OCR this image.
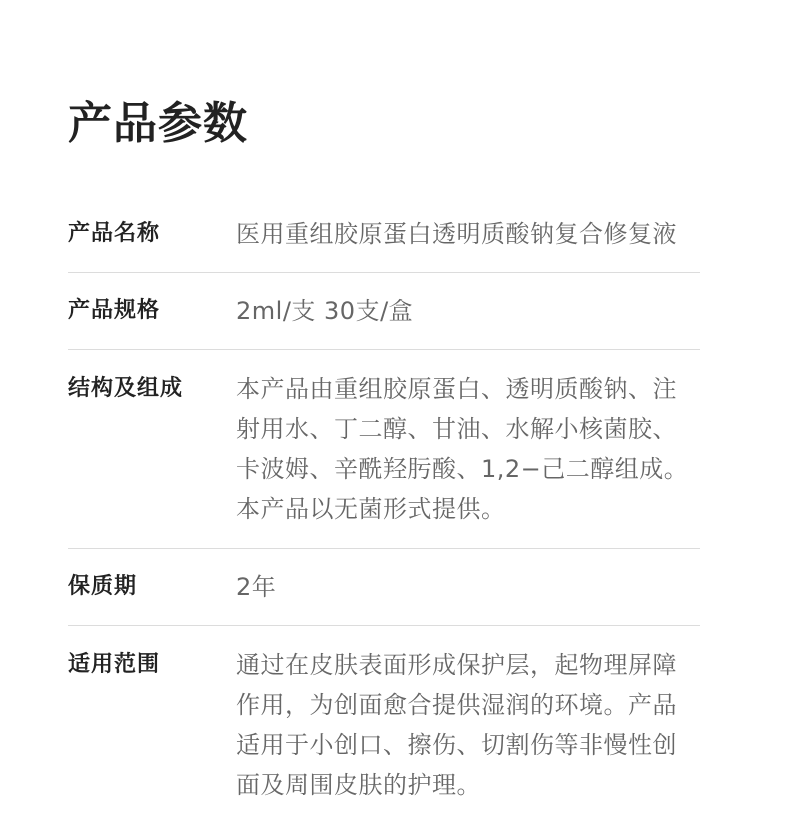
产品参数
产品名称	医用重组胶原蛋白透明质酸钠复合修复液

产品规格	2ml/支 30支/盒

结构及组成	本产品由重组胶原蛋白、透明质酸钠、注

射用水、丁二醇、甘油、水解小核菌胶、

卡波姆、辛酰羟肟酸、1,2−己二醇组成。

本产品以无菌形式提供。

保质期	2年

适用范围	通过在皮肤表面形成保护层，起物理屏障

作用，为创面愈合提供湿润的环境。产品

适用于小创口、擦伤、切割伤等非慢性创

面及周围皮肤的护理。
